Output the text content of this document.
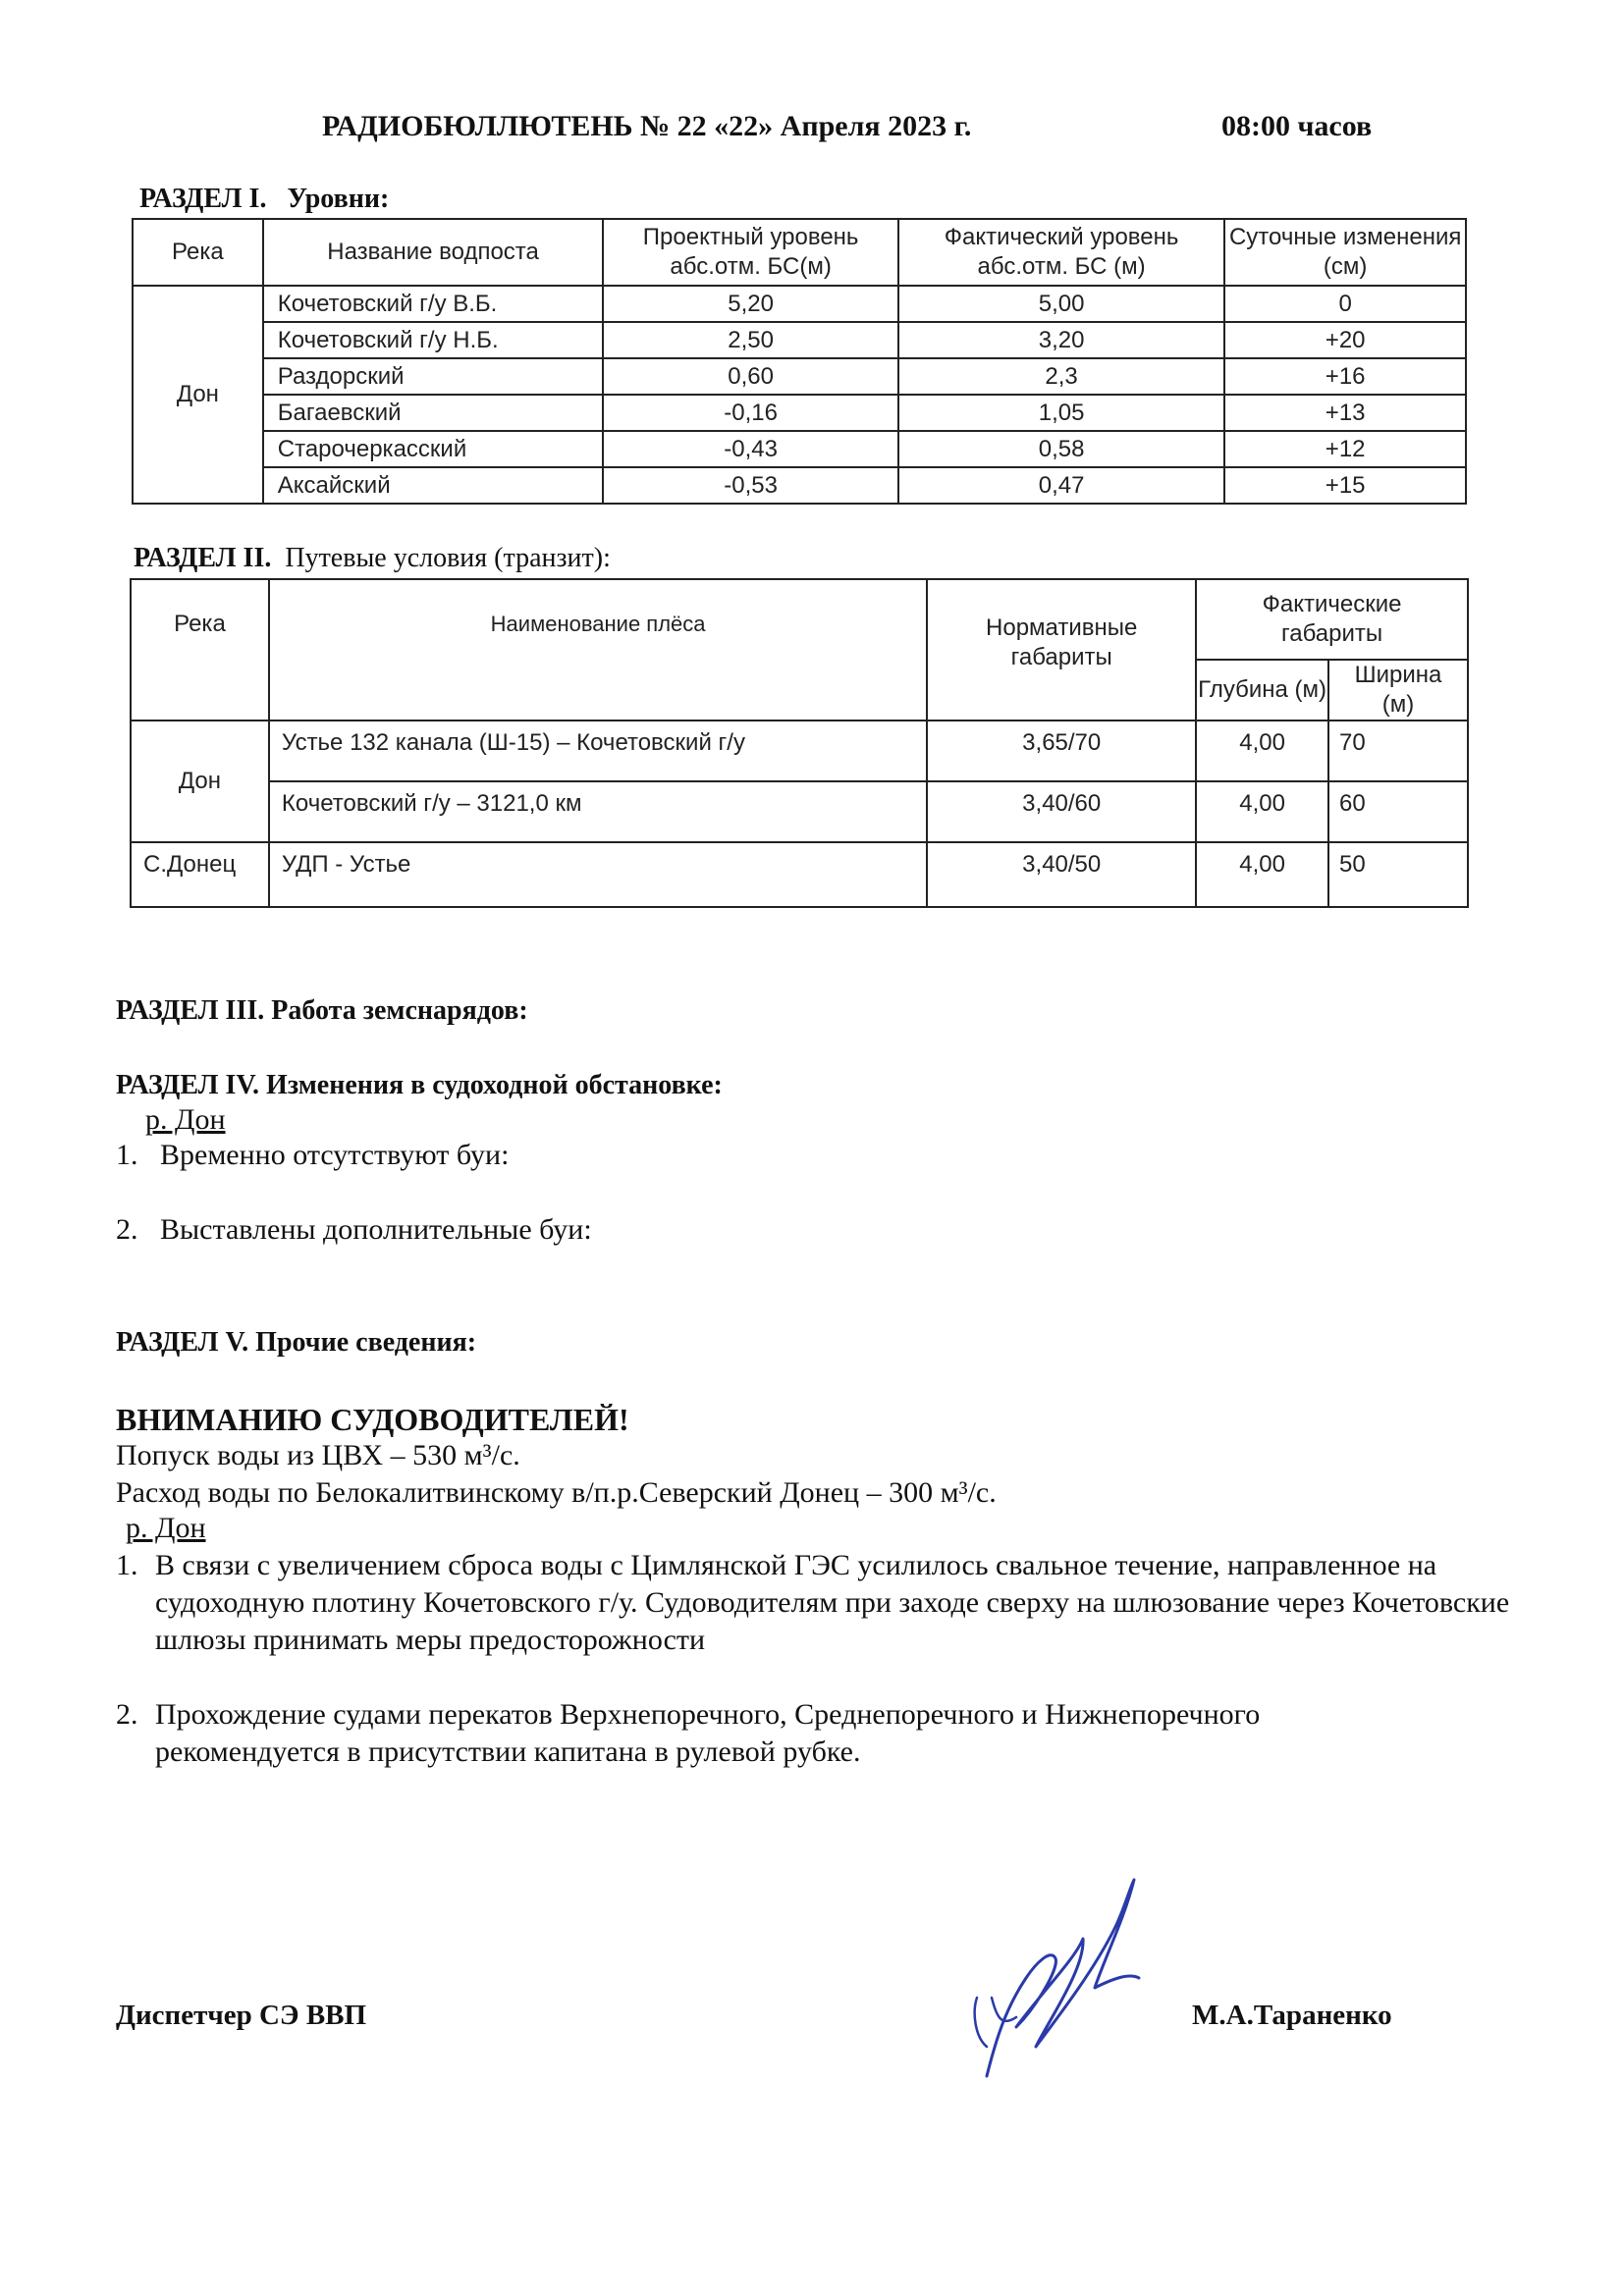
РАДИОБЮЛЛЮТЕНЬ № 22 «22» Апреля 2023 г.	08:00 часов
РАЗДЕЛ I. Уровни:
Река	Название водпоста	Проектный уровень абс.отм. БС(м)	Фактический уровень абс.отм. БС (м)	Суточные изменения (см)
Дон	Кочетовский г/у В.Б.	5,20	5,00	0
	Кочетовский г/у Н.Б.	2,50	3,20	+20
	Раздорский	0,60	2,3	+16
	Багаевский	-0,16	1,05	+13
	Старочеркасский	-0,43	0,58	+12
	Аксайский	-0,53	0,47	+15
РАЗДЕЛ II. Путевые условия (транзит):
Река	Наименование плёса	Нормативные габариты	Фактические габариты	
			Глубина (м)	Ширина (м)
Дон	Устье 132 канала (Ш-15) – Кочетовский г/у	3,65/70	4,00	70
	Кочетовский г/у – 3121,0 км	3,40/60	4,00	60
С.Донец	УДП - Устье	3,40/50	4,00	50
РАЗДЕЛ III. Работа земснарядов:
РАЗДЕЛ IV. Изменения в судоходной обстановке:
р. Дон
1. Временно отсутствуют буи:
2. Выставлены дополнительные буи:
РАЗДЕЛ V. Прочие сведения:
ВНИМАНИЮ СУДОВОДИТЕЛЕЙ!
Попуск воды из ЦВХ – 530 м³/с.
Расход воды по Белокалитвинскому в/п.р.Северский Донец – 300 м³/с.
р. Дон
1. В связи с увеличением сброса воды с Цимлянской ГЭС усилилось свальное течение, направленное на судоходную плотину Кочетовского г/у. Судоводителям при заходе сверху на шлюзование через Кочетовские шлюзы принимать меры предосторожности
2. Прохождение судами перекатов Верхнепоречного, Среднепоречного и Нижнепоречного рекомендуется в присутствии капитана в рулевой рубке.
Диспетчер СЭ ВВП	М.А.Тараненко
